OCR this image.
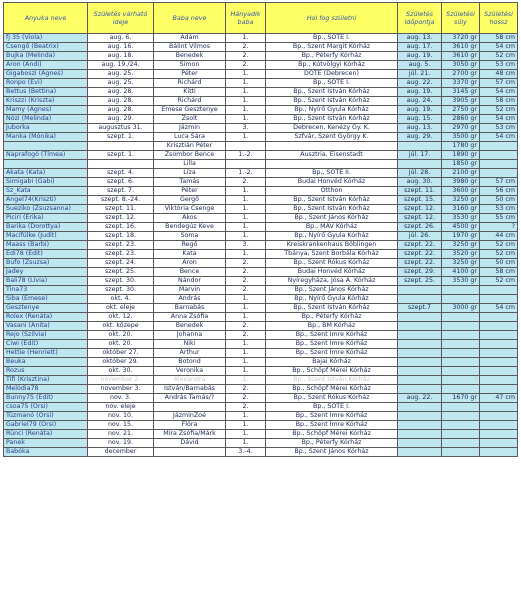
Anyuka neve	Születés várható ideje	Baba neve	Hányadik baba	Hol fog születni	Születés időpontja	Születési súly	Születési hossz
fj 35 (Viola)	aug. 6.	Ádám	1.	Bp., SOTE I.	aug. 13.	3720 gr	58 cm
Csengő (Beatrix)	aug. 16.	Bálint Vilmos	2.	Bp., Szent Margit Kórház	aug. 17.	3610 gr	54 cm
Bujka (Melinda)	aug. 18.	Benedek	2.	Bp., Péterfy Kórház	aug. 19.	3610 gr	52 cm
Aron (Andi)	aug. 19./24.	Simon	2.	Bp., Kútvölgyi Kórház	aug. 5.	3050 gr	53 cm
Gigaboszi (Ágnes)	aug. 25.	Péter	1.	DOTE (Debrecen)	júl. 21.	2700 gr	48 cm
Ronpo (Évi)	aug. 25.	Richárd	1.	Bp., SOTE I.	aug. 22.	3370 gr	57 cm
Bettus (Bettina)	aug. 28.	Kitti	1.	Bp., Szent István Kórház	aug. 19.	3145 gr	54 cm
Kriszzi (Kriszta)	aug. 28.	Richárd	1.	Bp., Szent István Kórház	aug. 24.	3905 gr	58 cm
Mamy (Ágnes)	aug. 28.	Emese Gesztenye	1.	Bp., Nyírő Gyula Kórház	aug. 19.	2750 gr	52 cm
Nózi (Melinda)	aug. 29.	Zsolt	1.	Bp., Szent István Kórház	aug. 15.	2860 gr	54 cm
Juborka	augusztus 31.	Jázmin	3.	Debrecen, Kenézy Gy. K.	aug. 13.	2970 gr	53 cm
Manka (Mónika)	szept. 1.	Luca Sára	1.	Szfvár, Szent György K.	aug. 29.	3500 gr	54 cm
		Krisztián Péter				1780 gr	
Naprafogó (Tímea)	szept. 1.	Zsombor Bence	1.-2.	Ausztria, Eisenstadt	júl. 17.	1890 gr	
		Lilla				1850 gr	
Akata (Kata)	szept. 4.	Líza	1.-2.	Bp., SOTE II.	júl. 28.	2100 gr	
Simigabi (Gabi)	szept. 6.	Tamás	2.	Budai Honvéd Kórház	aug. 30.	3980 gr	57 cm
Sz_Kata	szept. 7.	Péter	1.	Otthon	szept. 11.	3600 gr	56 cm
Angel74(Kriszti)	szept. 8.-24.	Gergő	1.	Bp., Szent István Kórház	szept. 15.	3250 gr	50 cm
Sueziko (Zsuzsanna)	szept. 11.	Viktória Csenge	1.	Bp., Szent István Kórház	szept. 12.	3160 gr	53 cm
Piciri (Erika)	szept. 12.	Ákos	1.	Bp., Szent János Kórház	szept. 12.	3530 gr	55 cm
Barika (Dorottya)	szept. 16.	Bendegúz Keve	1.	Bp., MÁV Kórház	szept. 26.	4500 gr	?
Macifülke (Judit)	szept. 18.	Soma	1.	Bp., Nyírő Gyula Kórház	júl. 26.	1970 gr	44 cm
Maass (Barbi)	szept. 23.	Regő	3.	Kreiskrankenhaus Böblingen	szept. 22.	3250 gr	52 cm
Edi78 (Edit)	szept. 23.	Kata	1.	Tbánya, Szent Borbála Kórház	szept. 22.	3520 gr	52 cm
Bufo (Zsuzsa)	szept. 24.	Áron	2.	Bp., Szent Rókus Kórház	szept. 22.	3250 gr	50 cm
Jadey	szept. 25.	Bence	2.	Budai Honvéd Kórház	szept. 29.	4100 gr	58 cm
Bali78 (Lívia)	szept. 30.	Nándor	2.	Nyíregyháza, Jósa A. Kórház	szept. 25.	3530 gr	52 cm
Tina73	szept. 30.	Marvin	2.	Bp., Szent János Kórház			
Siba (Emese)	okt. 4.	András	1.	Bp., Nyírő Gyula Kórház			
Gesztenye	okt. eleje	Barnabás	1.	Bp., Szent István Kórház	szept.7	3000 gr	54 cm
Rolex (Renáta)	okt. 12.	Anna Zsófia	1.	Bp., Péterfy Kórház			
Vasani (Anita)	okt. közepe	Benedek	2.	Bp., BM Kórház			
Rejo (Szilvia)	okt. 20.	Johanna	2.	Bp., Szent Imre Kórház			
Ciwi (Edit)	okt. 20.	Niki	1.	Bp., Szent Imre Kórház			
Hettie (Henriett)	október 27.	Arthur	1.	Bp., Szent Imre Kórház			
Beuka	október 29.	Botond	1.	Bajai Kórház			
Rozus	okt. 30.	Veronika	1.	Bp., Schöpf Mérei Kórház			
Tifi (Krisztina)	november 2.	Alexandra	1.	Bp., Szent István Kórház		†	
Melódia78	november 3.	István/Barnabás	2.	Bp., Schöpf Mérei Kórház			
Bunny75 (Edit)	nov. 3.	András Tamás/?	2.	Bp., Szent Rókus Kórház	aug. 22.	1670 gr	47 cm
csoa75 (Orsi)	nov. eleje		2.	Bp., SOTE I.			
Tüzmanó (Orsi)	nov. 10.	JázminZoé	1.	Bp., Szent Imre Kórház			
Gabriel79 (Orsi)	nov. 15.	Flóra	1.	Bp., Szent Imre Kórház			
Rünci (Renáta)	nov. 21.	Míra Zsófia/Márk	1.	Bp., Schöpf Mérei Kórház			
Panek	nov. 19.	Dávid	1.	Bp., Péterfy Kórház			
Babóka	december		3.-4.	Bp., Szent János Kórház			
